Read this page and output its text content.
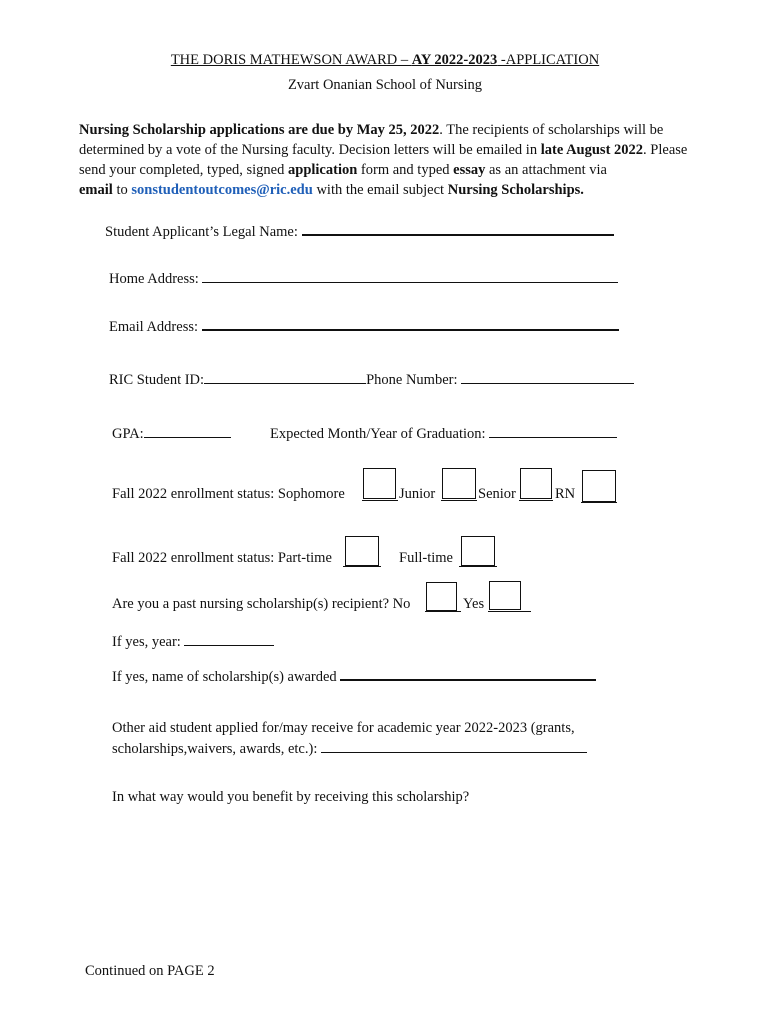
THE DORIS MATHEWSON AWARD – AY 2022-2023 -APPLICATION
Zvart Onanian School of Nursing
Nursing Scholarship applications are due by May 25, 2022. The recipients of scholarships will be determined by a vote of the Nursing faculty. Decision letters will be emailed in late August 2022. Please send your completed, typed, signed application form and typed essay as an attachment via
email to sonstudentoutcomes@ric.edu with the email subject Nursing Scholarships.
Student Applicant’s Legal Name:
Home Address:
Email Address:
RIC Student ID:	Phone Number:
GPA:	Expected Month/Year of Graduation:
Fall 2022 enrollment status: Sophomore	Junior	Senior	RN
Fall 2022 enrollment status: Part-time	Full-time
Are you a past nursing scholarship(s) recipient? No	Yes
If yes, year:
If yes, name of scholarship(s) awarded
Other aid student applied for/may receive for academic year 2022-2023 (grants,
scholarships,waivers, awards, etc.):
In what way would you benefit by receiving this scholarship?
Continued on PAGE 2
